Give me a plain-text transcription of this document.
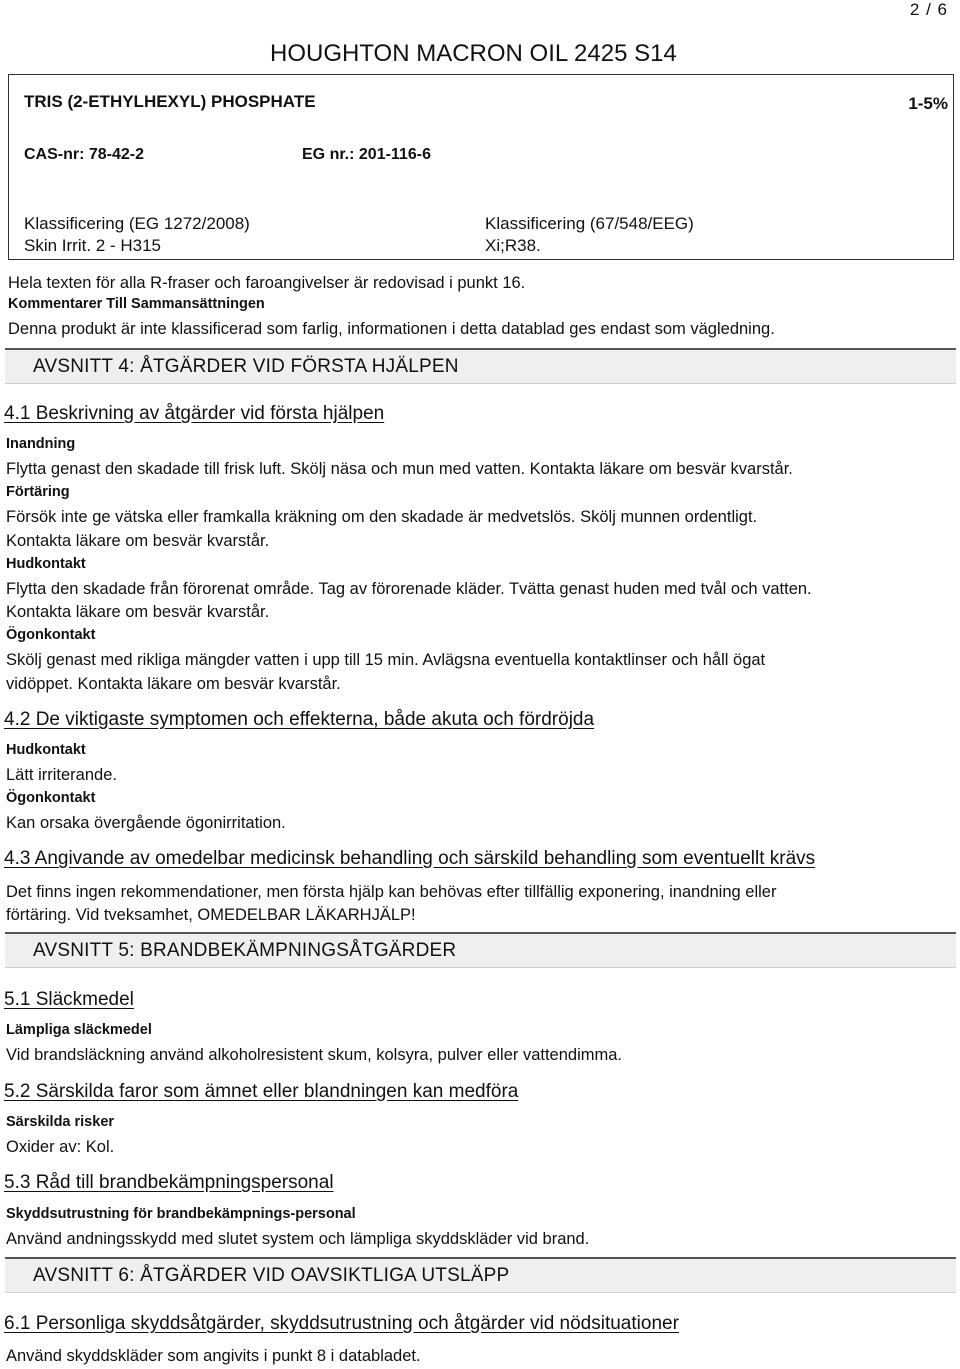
2 / 6
HOUGHTON MACRON OIL 2425 S14
TRIS (2-ETHYLHEXYL) PHOSPHATE	1-5%
CAS-nr: 78-42-2	EG nr.: 201-116-6
Klassificering (EG 1272/2008)	Klassificering (67/548/EEG)
Skin Irrit. 2 - H315	Xi;R38.
Hela texten för alla R-fraser och faroangivelser är redovisad i punkt 16.
Kommentarer Till Sammansättningen
Denna produkt är inte klassificerad som farlig, informationen i detta datablad ges endast som vägledning.
AVSNITT 4: ÅTGÄRDER VID FÖRSTA HJÄLPEN
4.1 Beskrivning av åtgärder vid första hjälpen
Inandning
Flytta genast den skadade till frisk luft. Skölj näsa och mun med vatten. Kontakta läkare om besvär kvarstår.
Förtäring
Försök inte ge vätska eller framkalla kräkning om den skadade är medvetslös. Skölj munnen ordentligt.
Kontakta läkare om besvär kvarstår.
Hudkontakt
Flytta den skadade från förorenat område. Tag av förorenade kläder. Tvätta genast huden med tvål och vatten.
Kontakta läkare om besvär kvarstår.
Ögonkontakt
Skölj genast med rikliga mängder vatten i upp till 15 min. Avlägsna eventuella kontaktlinser och håll ögat
vidöppet. Kontakta läkare om besvär kvarstår.
4.2 De viktigaste symptomen och effekterna, både akuta och fördröjda
Hudkontakt
Lätt irriterande.
Ögonkontakt
Kan orsaka övergående ögonirritation.
4.3 Angivande av omedelbar medicinsk behandling och särskild behandling som eventuellt krävs
Det finns ingen rekommendationer, men första hjälp kan behövas efter tillfällig exponering, inandning eller
förtäring. Vid tveksamhet, OMEDELBAR LÄKARHJÄLP!
AVSNITT 5: BRANDBEKÄMPNINGSÅTGÄRDER
5.1 Släckmedel
Lämpliga släckmedel
Vid brandsläckning använd alkoholresistent skum, kolsyra, pulver eller vattendimma.
5.2 Särskilda faror som ämnet eller blandningen kan medföra
Särskilda risker
Oxider av: Kol.
5.3 Råd till brandbekämpningspersonal
Skyddsutrustning för brandbekämpnings-personal
Använd andningsskydd med slutet system och lämpliga skyddskläder vid brand.
AVSNITT 6: ÅTGÄRDER VID OAVSIKTLIGA UTSLÄPP
6.1 Personliga skyddsåtgärder, skyddsutrustning och åtgärder vid nödsituationer
Använd skyddskläder som angivits i punkt 8 i databladet.
